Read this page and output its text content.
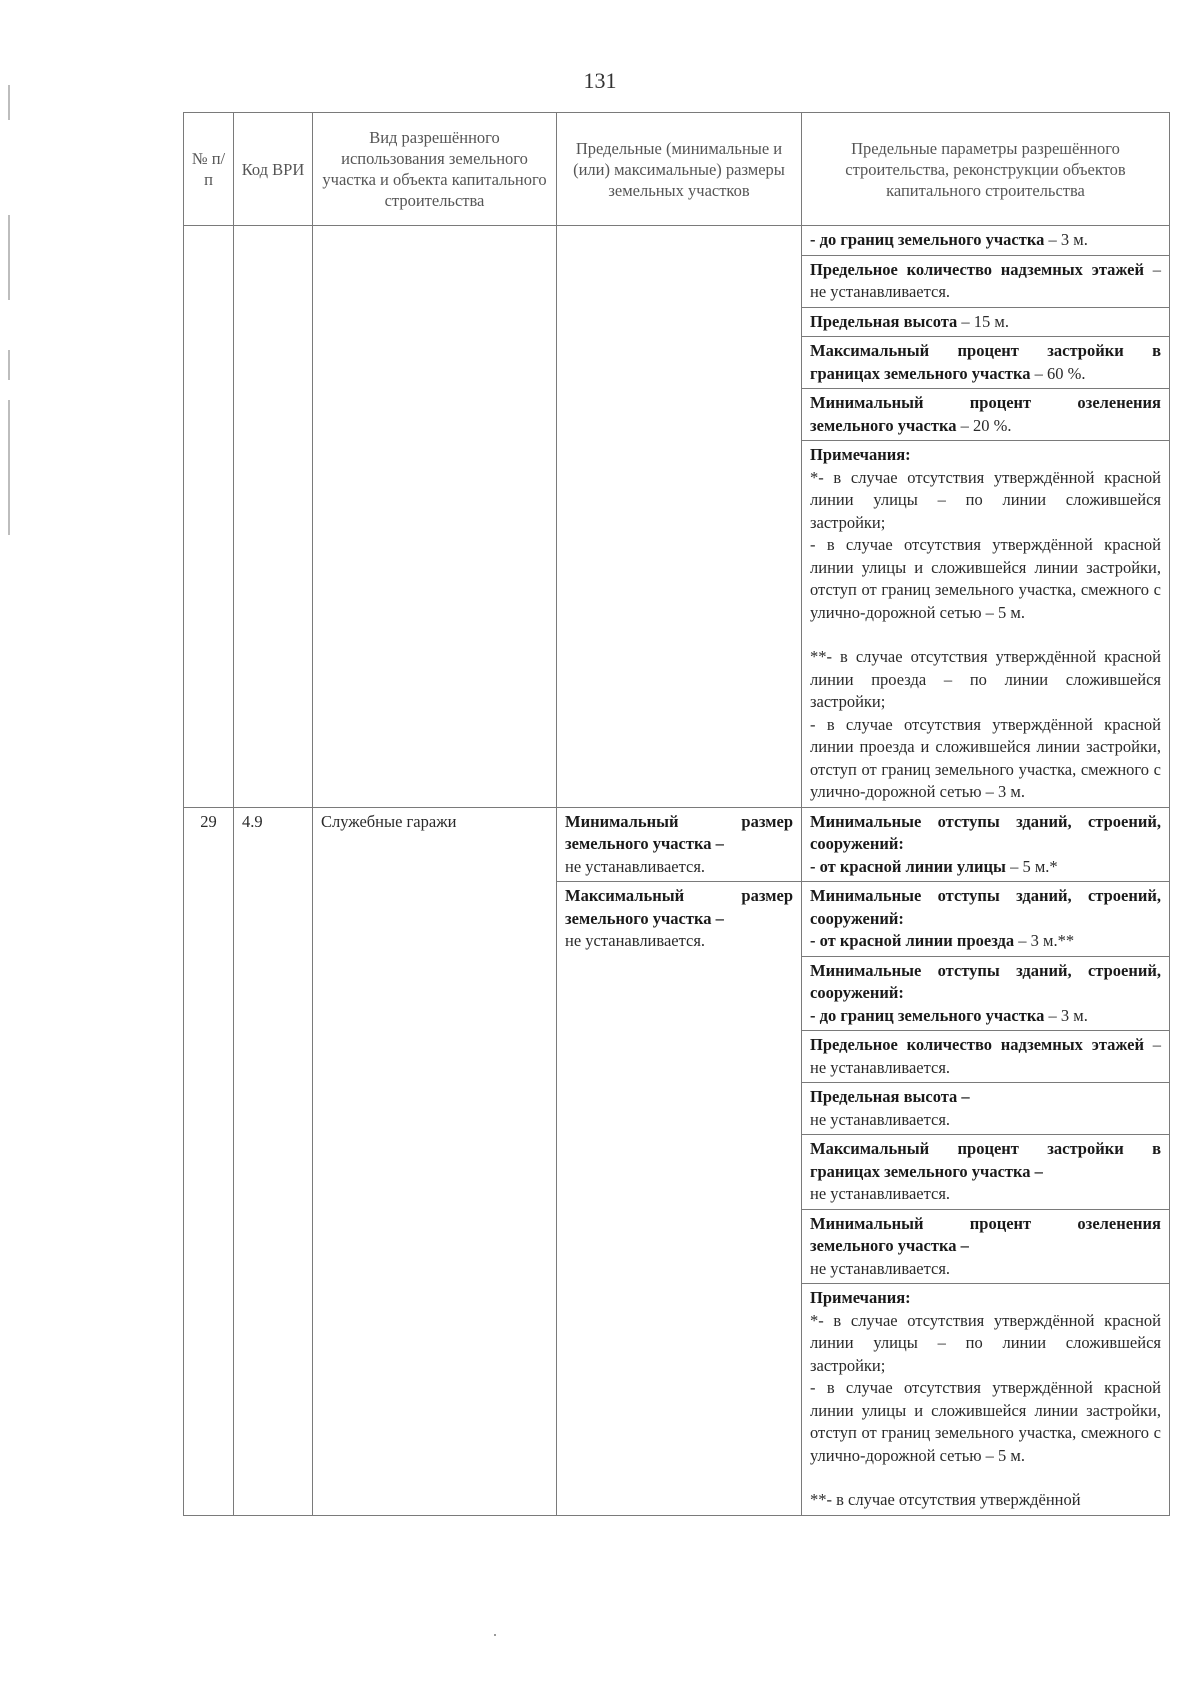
131
№ п/п	Код ВРИ	Вид разрешённого использования земельного участка и объекта капитального строительства	Предельные (минимальные и (или) максимальные) размеры земельных участков	Предельные параметры разрешённого строительства, реконструкции объектов капитального строительства
				- до границ земельного участка – 3 м.
				Предельное количество надземных этажей – не устанавливается.
				Предельная высота – 15 м.
				Максимальный процент застройки в границах земельного участка – 60 %.
				Минимальный процент озеленения земельного участка – 20 %.

				Примечания:
*- в случае отсутствия утверждённой красной линии улицы – по линии сложившейся застройки;
- в случае отсутствия утверждённой красной линии улицы и сложившейся линии застройки, отступ от границ земельного участка, смежного с улично-дорожной сетью – 5 м.
**- в случае отсутствия утверждённой красной линии проезда – по линии сложившейся застройки;
- в случае отсутствия утверждённой красной линии проезда и сложившейся линии застройки, отступ от границ земельного участка, смежного с улично-дорожной сетью – 3 м.

29	4.9	Служебные гаражи	Минимальный размер земельного участка –
не устанавливается.	Минимальные отступы зданий, строений, сооружений:
- от красной линии улицы – 5 м.*

			Максимальный размер земельного участка –
не устанавливается.	Минимальные отступы зданий, строений, сооружений:
- от красной линии проезда – 3 м.**

				Минимальные отступы зданий, строений, сооружений:
- до границ земельного участка – 3 м.
				Предельное количество надземных этажей – не устанавливается.

				Предельная высота –
не устанавливается.

				Максимальный процент застройки в границах земельного участка –
не устанавливается.

				Минимальный процент озеленения земельного участка –
не устанавливается.

				Примечания:
*- в случае отсутствия утверждённой красной линии улицы – по линии сложившейся застройки;
- в случае отсутствия утверждённой красной линии улицы и сложившейся линии застройки, отступ от границ земельного участка, смежного с улично-дорожной сетью – 5 м.
**- в случае отсутствия утверждённой
